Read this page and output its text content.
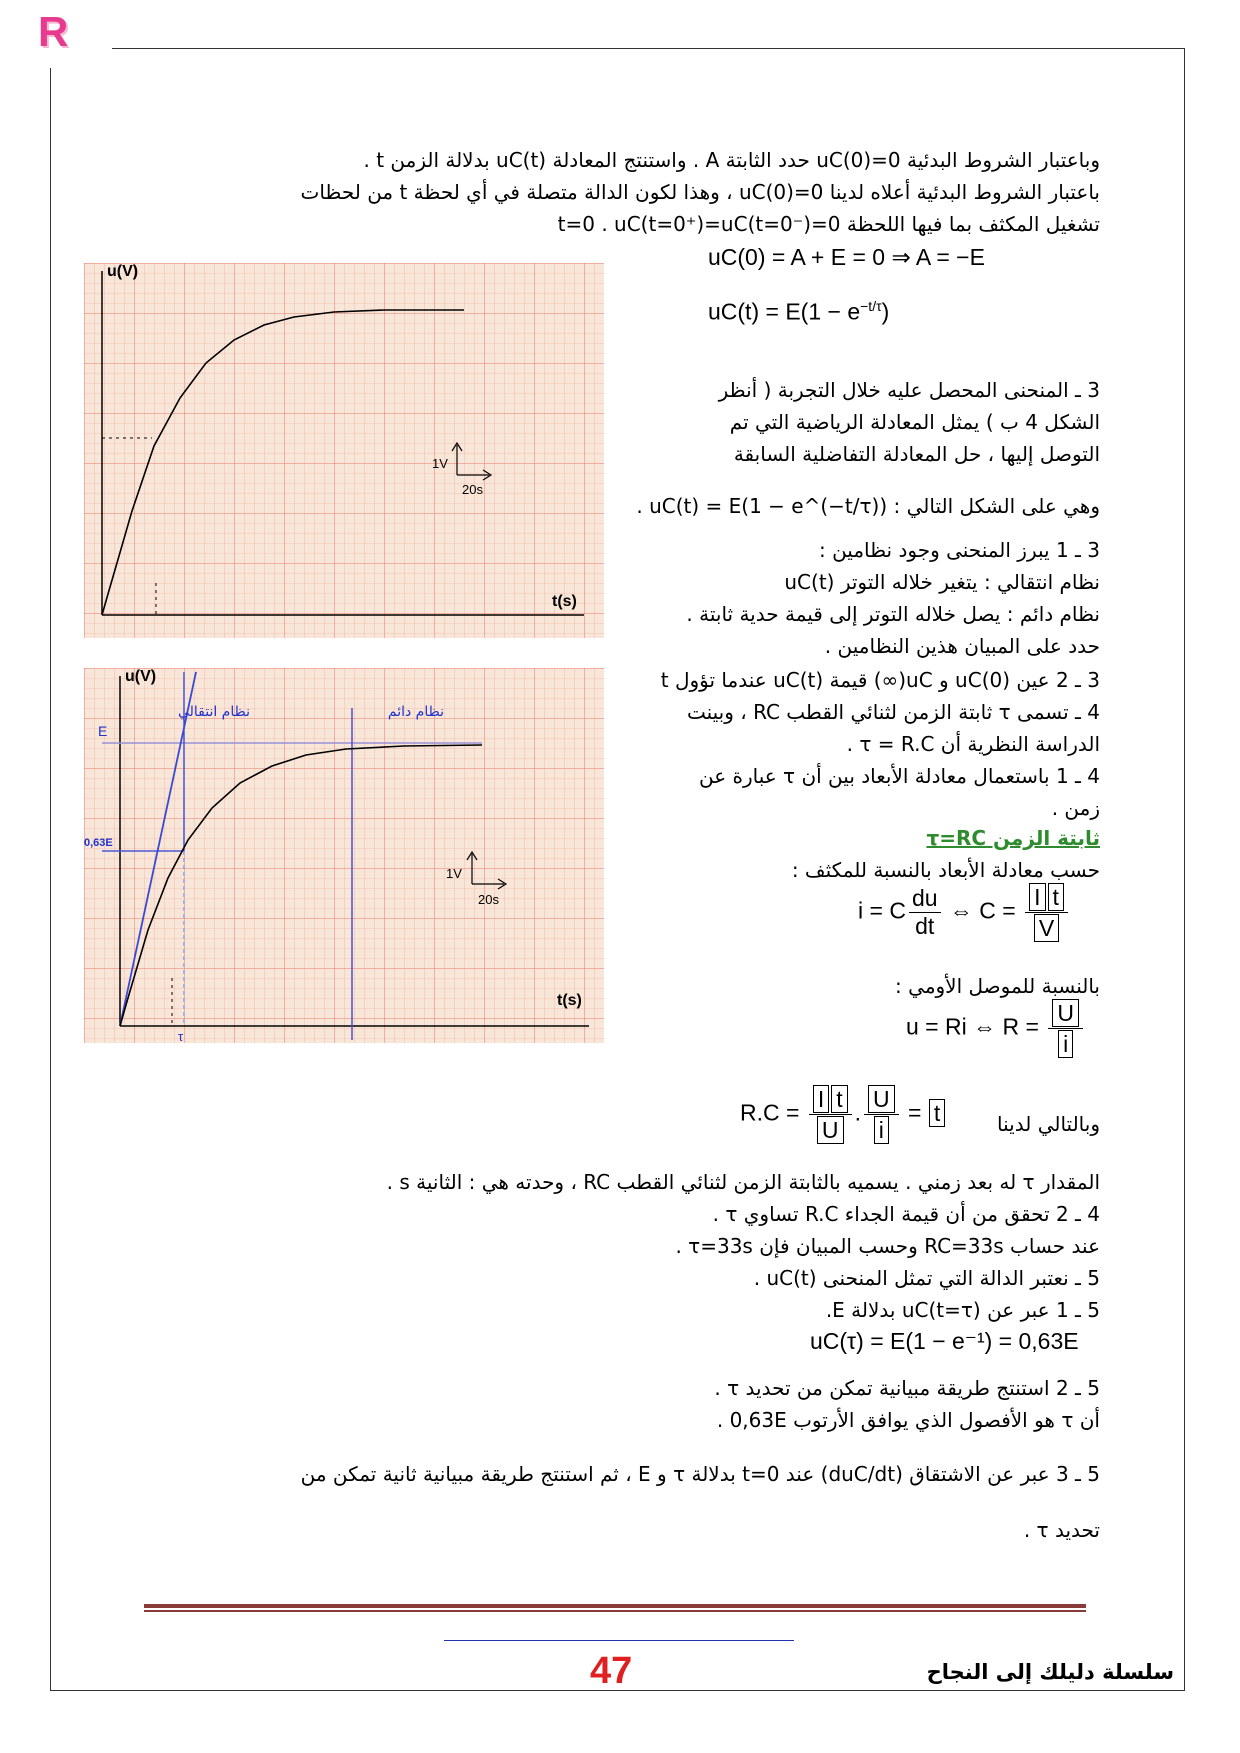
R
وباعتبار الشروط البدئية uC(0)=0 حدد الثابتة A . واستنتج المعادلة uC(t) بدلالة الزمن t .
باعتبار الشروط البدئية أعلاه لدينا uC(0)=0 ، وهذا لكون الدالة متصلة في أي لحظة t من لحظات
تشغيل المكثف بما فيها اللحظة t=0 . uC(t=0⁺)=uC(t=0⁻)=0
uC(0) = A + E = 0 ⇒ A = −E
$uC(t) = E(1 - e^{-t/\tau})$
u(V)
t(s)
1V
20s
u(V)
t(s)
نظام انتقالي	نظام دائم
E
0,63E
τ
1V
20s
3 ـ المنحنى المحصل عليه خلال التجربة ( أنظر
الشكل 4 ب ) يمثل المعادلة الرياضية التي تم
التوصل إليها ، حل المعادلة التفاضلية السابقة
وهي على الشكل التالي : uC(t) = E(1 − e^(−t/τ)) .
3 ـ 1 يبرز المنحنى وجود نظامين :
نظام انتقالي : يتغير خلاله التوتر uC(t)
نظام دائم : يصل خلاله التوتر إلى قيمة حدية ثابتة .
حدد على المبيان هذين النظامين .
3 ـ 2 عين uC(0) و uC(∞) قيمة uC(t) عندما تؤول t
4 ـ تسمى τ ثابتة الزمن لثنائي القطب RC ، وبينت
الدراسة النظرية أن τ = R.C .
4 ـ 1 باستعمال معادلة الأبعاد بين أن τ عبارة عن
زمن .
ثابتة الزمن τ=RC
حسب معادلة الأبعاد بالنسبة للمكثف :
i = C $\frac{du}{dt}$ ⇔ $C = \frac{\text{I t}}{V}$
بالنسبة للموصل الأومي :
u = Ri ⇔ $R = \frac{U}{i}$
وبالتالي لدينا
$R.C = \frac{\text{I t}}{U}$ . $\frac{U}{i} = t$
المقدار τ له بعد زمني . يسميه بالثابتة الزمن لثنائي القطب RC ، وحدته هي : الثانية s .
4 ـ 2 تحقق من أن قيمة الجداء R.C تساوي τ .
عند حساب RC=33s وحسب المبيان فإن τ=33s .
5 ـ نعتبر الدالة التي تمثل المنحنى uC(t) .
5 ـ 1 عبر عن uC(t=τ) بدلالة E.
uC(τ) = E(1 − e⁻¹) = 0,63E
5 ـ 2 استنتج طريقة مبيانية تمكن من تحديد τ .
أن τ هو الأفصول الذي يوافق الأرتوب 0,63E .
5 ـ 3 عبر عن الاشتقاق (duC/dt) عند t=0 بدلالة τ و E ، ثم استنتج طريقة مبيانية ثانية تمكن من
تحديد τ .
47	سلسلة دليلك إلى النجاح
